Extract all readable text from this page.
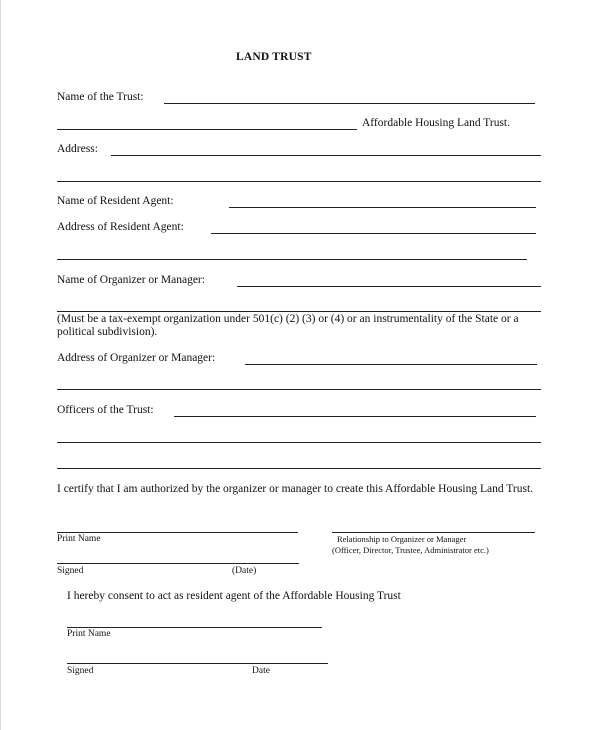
LAND TRUST
Name of the Trust:
Affordable Housing Land Trust.
Address:
Name of Resident Agent:
Address of Resident Agent:
Name of Organizer or Manager:
(Must be a tax-exempt organization under 501(c) (2) (3) or (4) or an instrumentality of the State or a political subdivision).
Address of Organizer or Manager:
Officers of the Trust:
I certify that I am authorized by the organizer or manager to create this Affordable Housing Land Trust.
Print Name	Relationship to Organizer or Manager
(Officer, Director, Trustee, Administrator etc.)
Signed	(Date)
I hereby consent to act as resident agent of the Affordable Housing Trust
Print Name
Signed	Date
